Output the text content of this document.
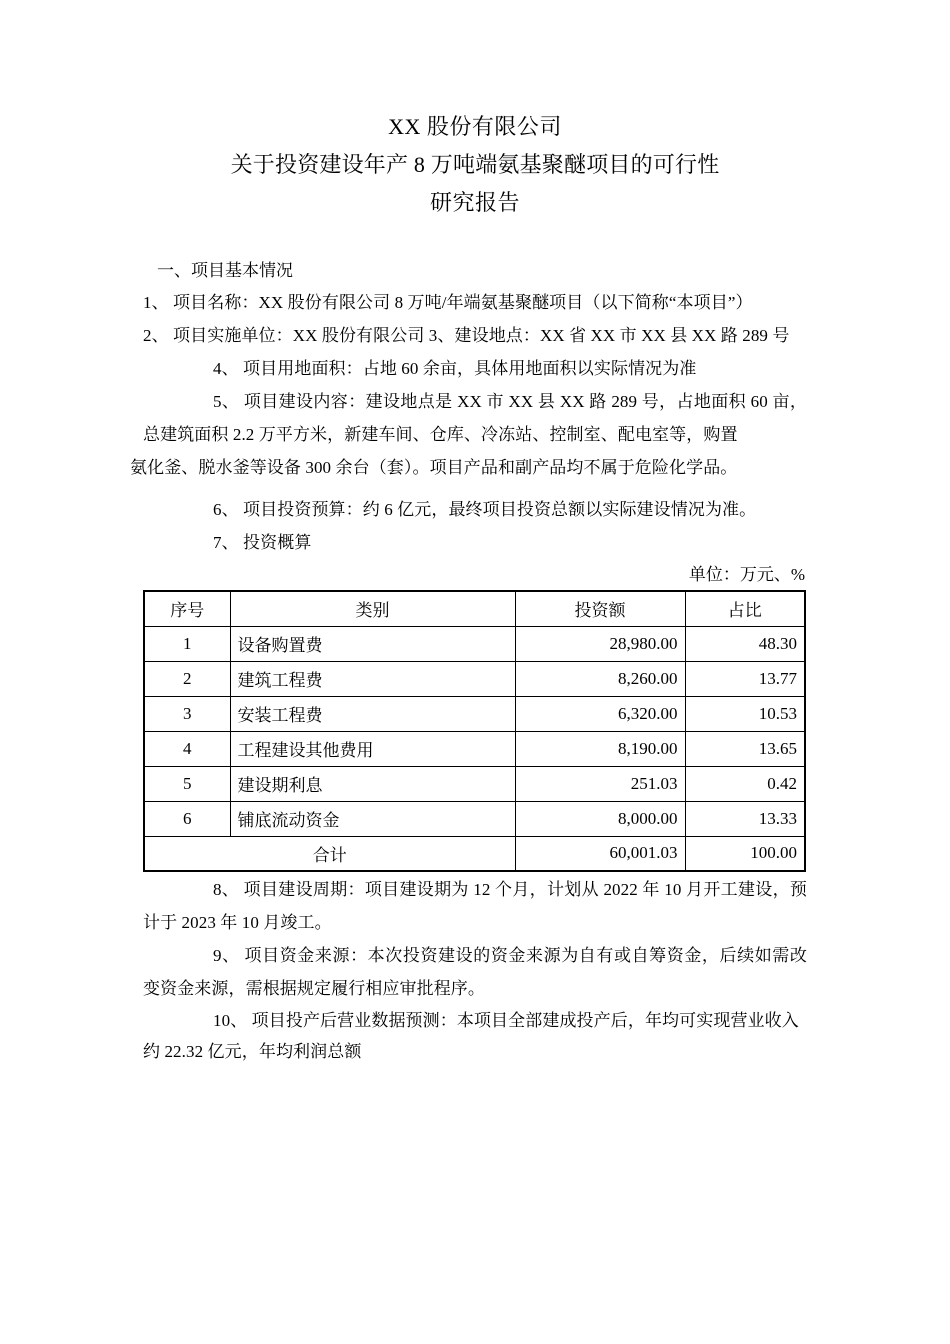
XX 股份有限公司
关于投资建设年产 8 万吨端氨基聚醚项目的可行性
研究报告
一、项目基本情况

1、 项目名称：XX 股份有限公司 8 万吨/年端氨基聚醚项目（以下简称“本项目”）

2、 项目实施单位：XX 股份有限公司 3、建设地点：XX 省 XX 市 XX 县 XX 路 289 号

4、 项目用地面积：占地 60 余亩，具体用地面积以实际情况为准

5、 项目建设内容：建设地点是 XX 市 XX 县 XX 路 289 号，占地面积 60 亩，总建筑面积 2.2 万平方米，新建车间、仓库、冷冻站、控制室、配电室等，购置

氨化釜、脱水釜等设备 300 余台（套）。项目产品和副产品均不属于危险化学品。

6、 项目投资预算：约 6 亿元，最终项目投资总额以实际建设情况为准。

7、 投资概算

单位：万元、%
序号	类别	投资额	占比
1	设备购置费	28,980.00	48.30
2	建筑工程费	8,260.00	13.77
3	安装工程费	6,320.00	10.53
4	工程建设其他费用	8,190.00	13.65
5	建设期利息	251.03	0.42
6	铺底流动资金	8,000.00	13.33
合计		60,001.03	100.00

8、 项目建设周期：项目建设期为 12 个月，计划从 2022 年 10 月开工建设，预计于 2023 年 10 月竣工。

9、 项目资金来源：本次投资建设的资金来源为自有或自筹资金，后续如需改变资金来源，需根据规定履行相应审批程序。

10、 项目投产后营业数据预测：本项目全部建成投产后，年均可实现营业收入约 22.32 亿元，年均利润总额
